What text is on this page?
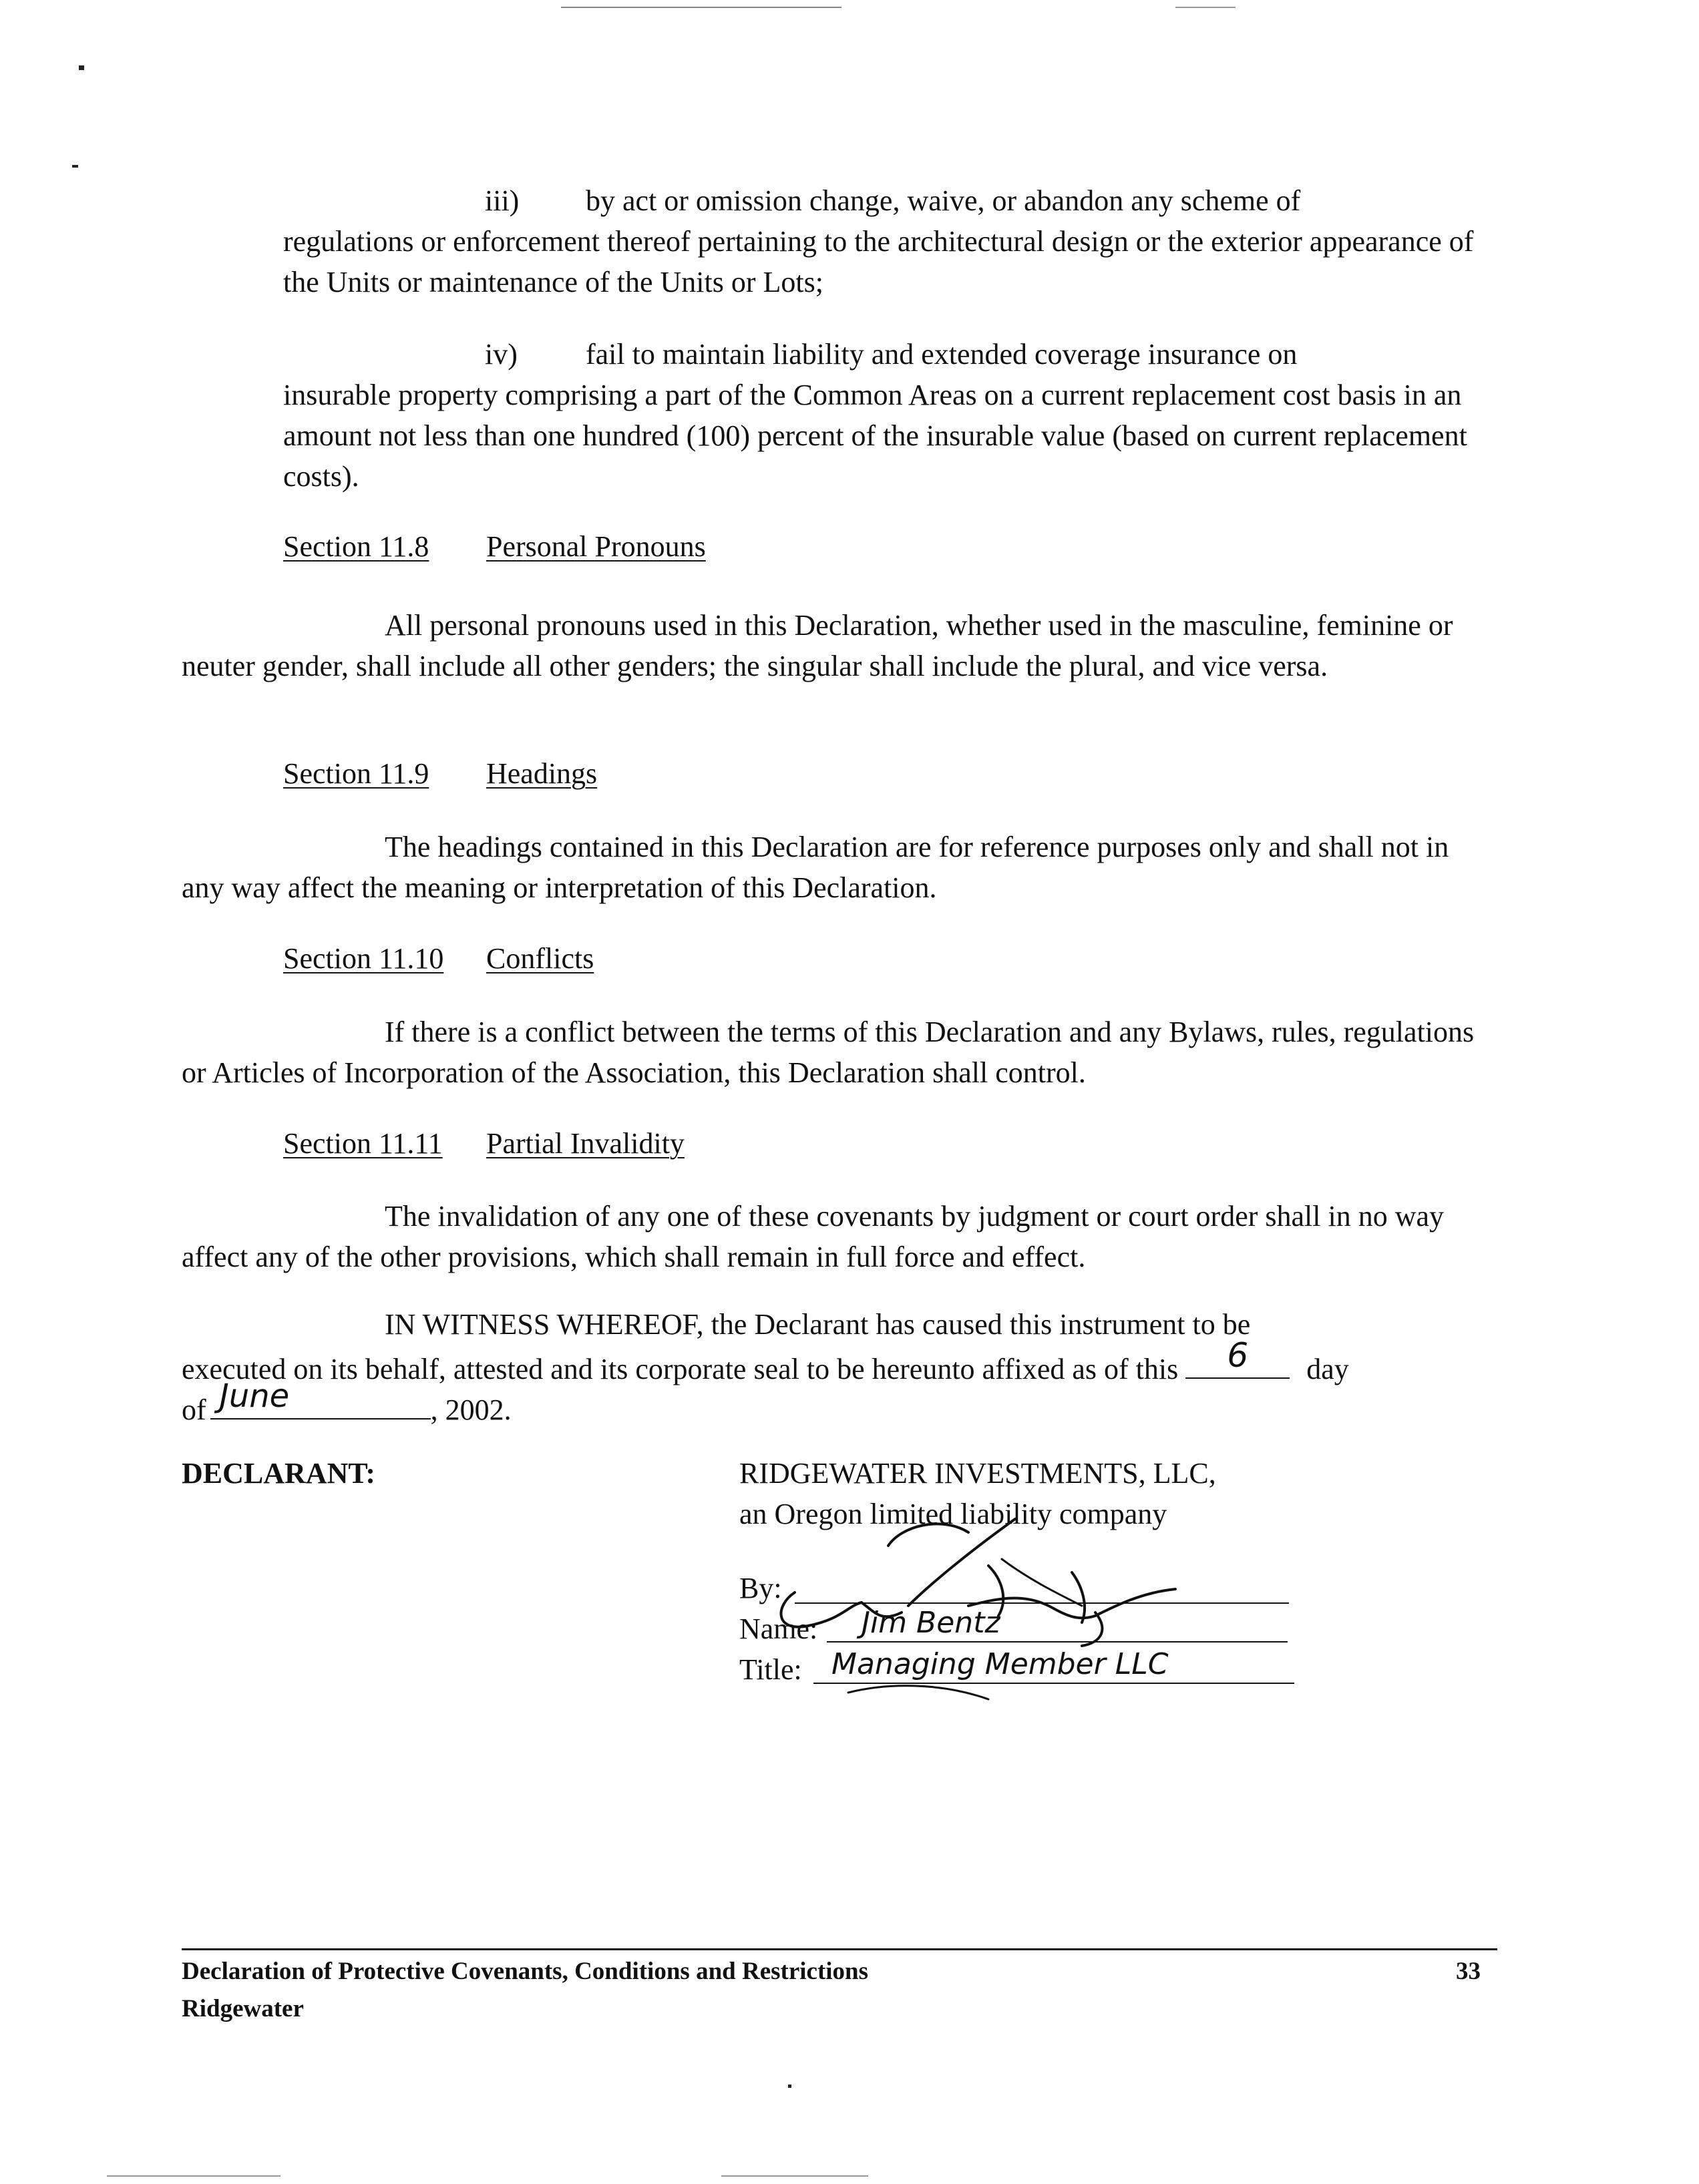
iii) by act or omission change, waive, or abandon any scheme of

regulations or enforcement thereof pertaining to the architectural design or the exterior appearance of the Units or maintenance of the Units or Lots;

iv) fail to maintain liability and extended coverage insurance on

insurable property comprising a part of the Common Areas on a current replacement cost basis in an amount not less than one hundred (100) percent of the insurable value (based on current replacement costs).

Section 11.8 Personal Pronouns

All personal pronouns used in this Declaration, whether used in the masculine, feminine or neuter gender, shall include all other genders; the singular shall include the plural, and vice versa.

Section 11.9 Headings

The headings contained in this Declaration are for reference purposes only and shall not in any way affect the meaning or interpretation of this Declaration.

Section 11.10 Conflicts

If there is a conflict between the terms of this Declaration and any Bylaws, rules, regulations or Articles of Incorporation of the Association, this Declaration shall control.

Section 11.11 Partial Invalidity

The invalidation of any one of these covenants by judgment or court order shall in no way affect any of the other provisions, which shall remain in full force and effect.

IN WITNESS WHEREOF, the Declarant has caused this instrument to be
executed on its behalf, attested and its corporate seal to be hereunto affixed as of this	6	day
of June	, 2002.
DECLARANT:	RIDGEWATER INVESTMENTS, LLC,
an Oregon limited liability company
By:
Name: Jim Bentz
Title: Managing Member LLC
Declaration of Protective Covenants, Conditions and Restrictions
Ridgewater
33
